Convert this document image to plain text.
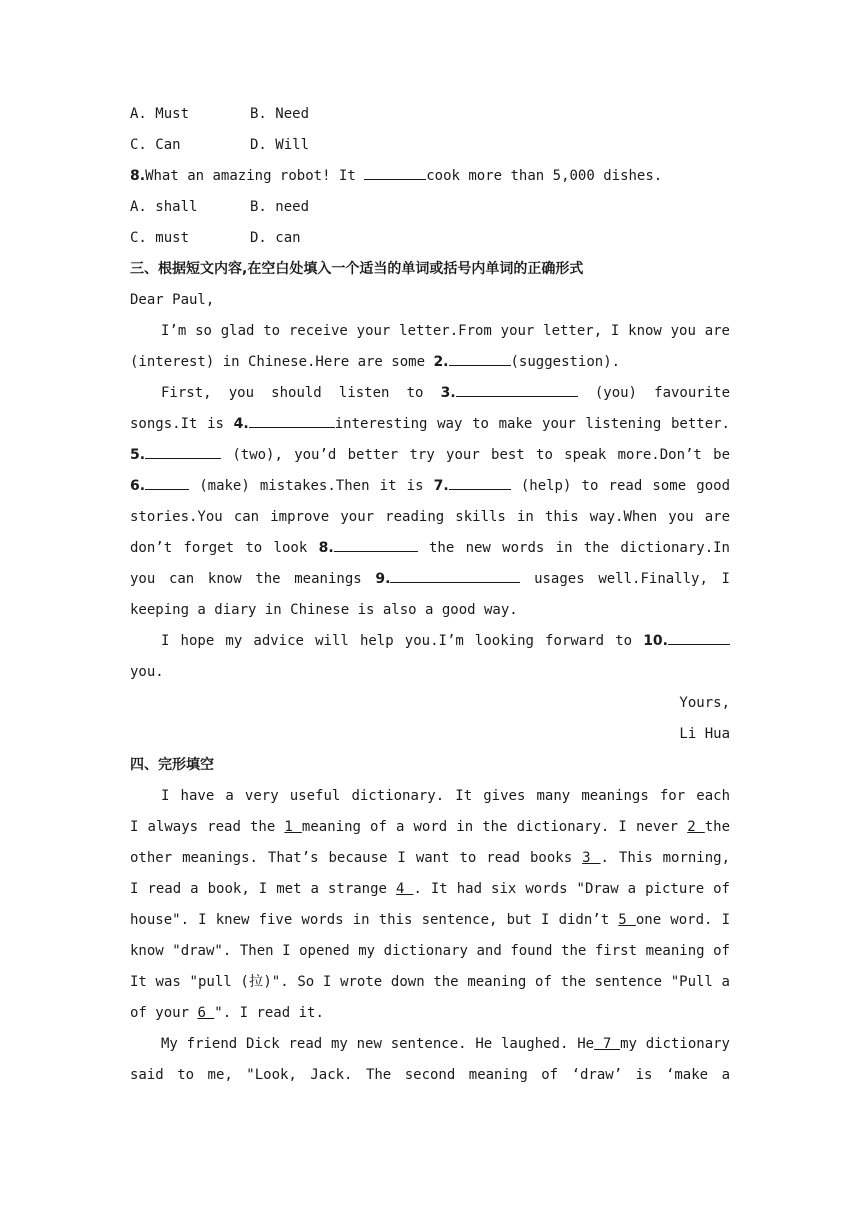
A. Must	B. Need
C. Can	D. Will
8.What an amazing robot! It	cook more than 5,000 dishes.
A. shall	B. need
C. must	D. can
三、根据短文内容,在空白处填入一个适当的单词或括号内单词的正确形式
Dear Paul,
I’m so glad to receive your letter.From your letter, I know you are
(interest) in Chinese.Here are some 2.	(suggestion).
First, you should listen to 3.	(you) favourite
songs.It is 4.	interesting way to make your listening better.
5.	(two), you’d better try your best to speak more.Don’t be
6.	(make) mistakes.Then it is 7.	(help) to read some good
stories.You can improve your reading skills in this way.When you are
don’t forget to look 8.	the new words in the dictionary.In
you can know the meanings 9.	usages well.Finally, I
keeping a diary in Chinese is also a good way.
I hope my advice will help you.I’m looking forward to 10.
you.
Yours,
Li Hua
四、完形填空
I have a very useful dictionary. It gives many meanings for each
I always read the 1 meaning of a word in the dictionary. I never 2 the
other meanings. That’s because I want to read books 3 . This morning,
I read a book, I met a strange 4 . It had six words "Draw a picture of
house". I knew five words in this sentence, but I didn’t 5 one word. I
know "draw". Then I opened my dictionary and found the first meaning of
It was "pull (拉)". So I wrote down the meaning of the sentence "Pull a
of your 6 ". I read it.
My friend Dick read my new sentence. He laughed. He 7 my dictionary
said to me, "Look, Jack. The second meaning of ‘draw’ is ‘make a
